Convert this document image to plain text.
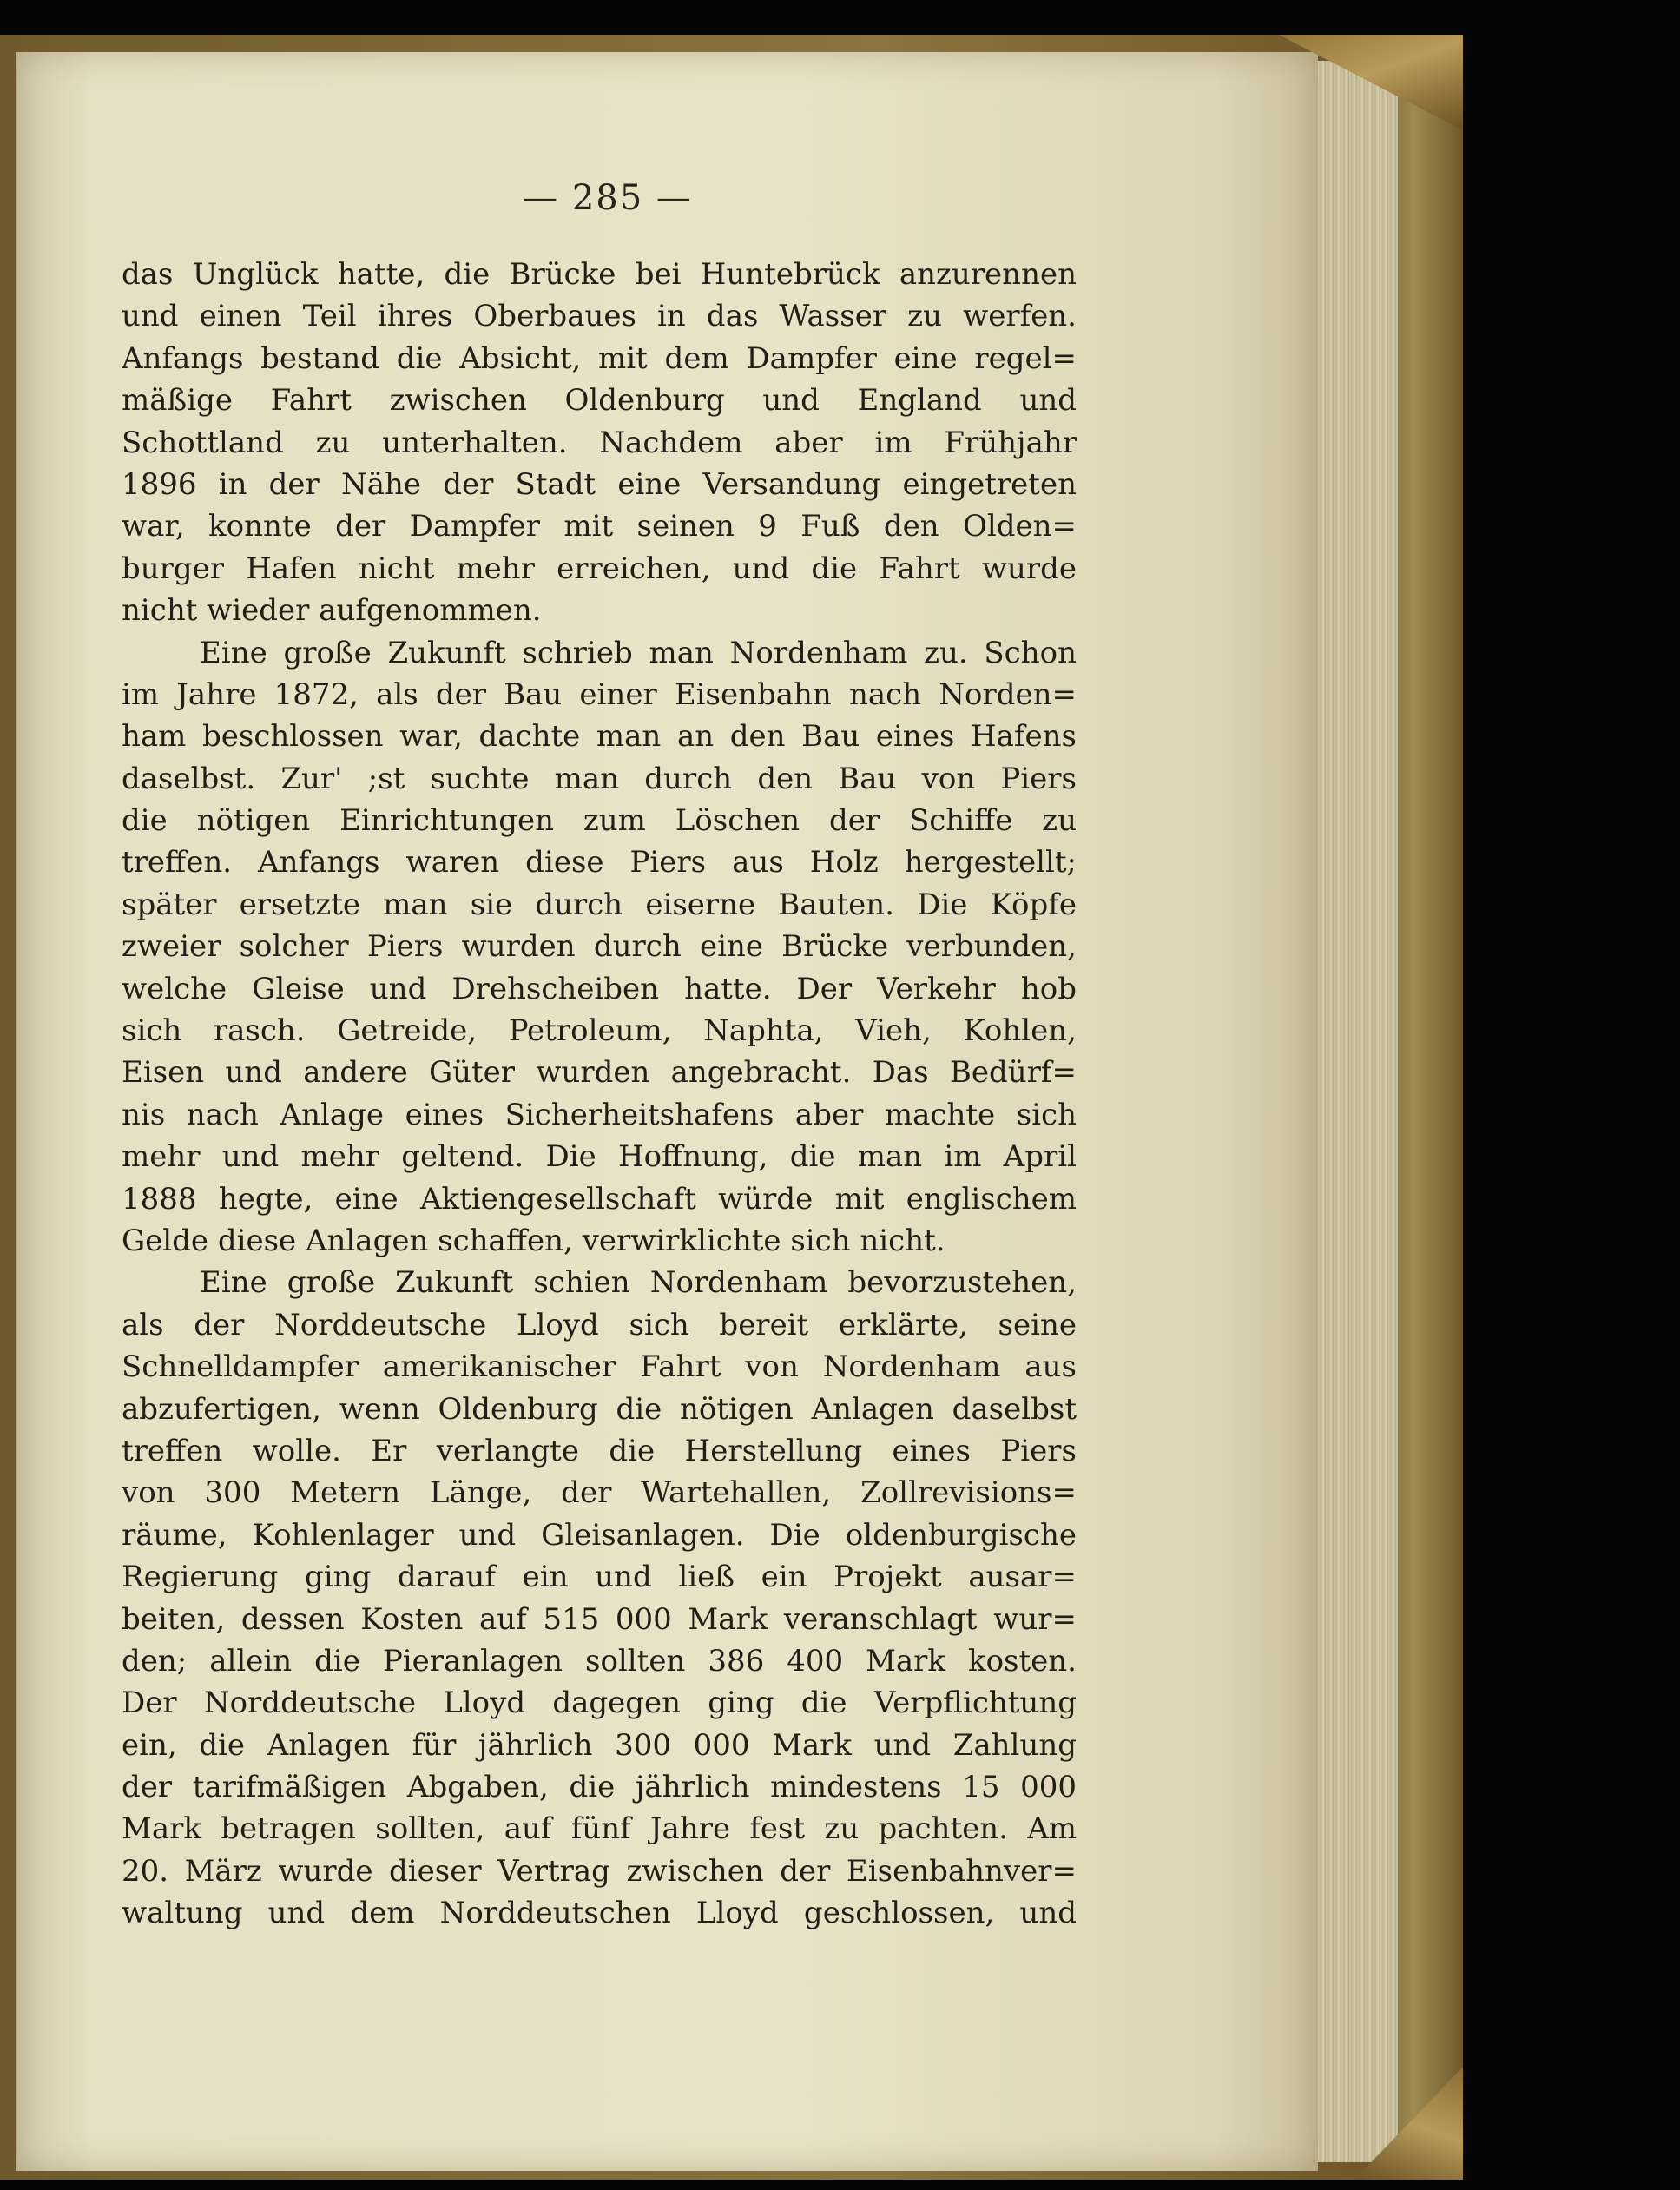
— 285 —
das Unglück hatte, die Brücke bei Huntebrück anzurennen
und einen Teil ihres Oberbaues in das Wasser zu werfen.
Anfangs bestand die Absicht, mit dem Dampfer eine regel=
mäßige Fahrt zwischen Oldenburg und England und
Schottland zu unterhalten. Nachdem aber im Frühjahr
1896 in der Nähe der Stadt eine Versandung eingetreten
war, konnte der Dampfer mit seinen 9 Fuß den Olden=
burger Hafen nicht mehr erreichen, und die Fahrt wurde
nicht wieder aufgenommen.
Eine große Zukunft schrieb man Nordenham zu. Schon
im Jahre 1872, als der Bau einer Eisenbahn nach Norden=
ham beschlossen war, dachte man an den Bau eines Hafens
daselbst. Zur' ;st suchte man durch den Bau von Piers
die nötigen Einrichtungen zum Löschen der Schiffe zu
treffen. Anfangs waren diese Piers aus Holz hergestellt;
später ersetzte man sie durch eiserne Bauten. Die Köpfe
zweier solcher Piers wurden durch eine Brücke verbunden,
welche Gleise und Drehscheiben hatte. Der Verkehr hob
sich rasch. Getreide, Petroleum, Naphta, Vieh, Kohlen,
Eisen und andere Güter wurden angebracht. Das Bedürf=
nis nach Anlage eines Sicherheitshafens aber machte sich
mehr und mehr geltend. Die Hoffnung, die man im April
1888 hegte, eine Aktiengesellschaft würde mit englischem
Gelde diese Anlagen schaffen, verwirklichte sich nicht.
Eine große Zukunft schien Nordenham bevorzustehen,
als der Norddeutsche Lloyd sich bereit erklärte, seine
Schnelldampfer amerikanischer Fahrt von Nordenham aus
abzufertigen, wenn Oldenburg die nötigen Anlagen daselbst
treffen wolle. Er verlangte die Herstellung eines Piers
von 300 Metern Länge, der Wartehallen, Zollrevisions=
räume, Kohlenlager und Gleisanlagen. Die oldenburgische
Regierung ging darauf ein und ließ ein Projekt ausar=
beiten, dessen Kosten auf 515 000 Mark veranschlagt wur=
den; allein die Pieranlagen sollten 386 400 Mark kosten.
Der Norddeutsche Lloyd dagegen ging die Verpflichtung
ein, die Anlagen für jährlich 300 000 Mark und Zahlung
der tarifmäßigen Abgaben, die jährlich mindestens 15 000
Mark betragen sollten, auf fünf Jahre fest zu pachten. Am
20. März wurde dieser Vertrag zwischen der Eisenbahnver=
waltung und dem Norddeutschen Lloyd geschlossen, und
